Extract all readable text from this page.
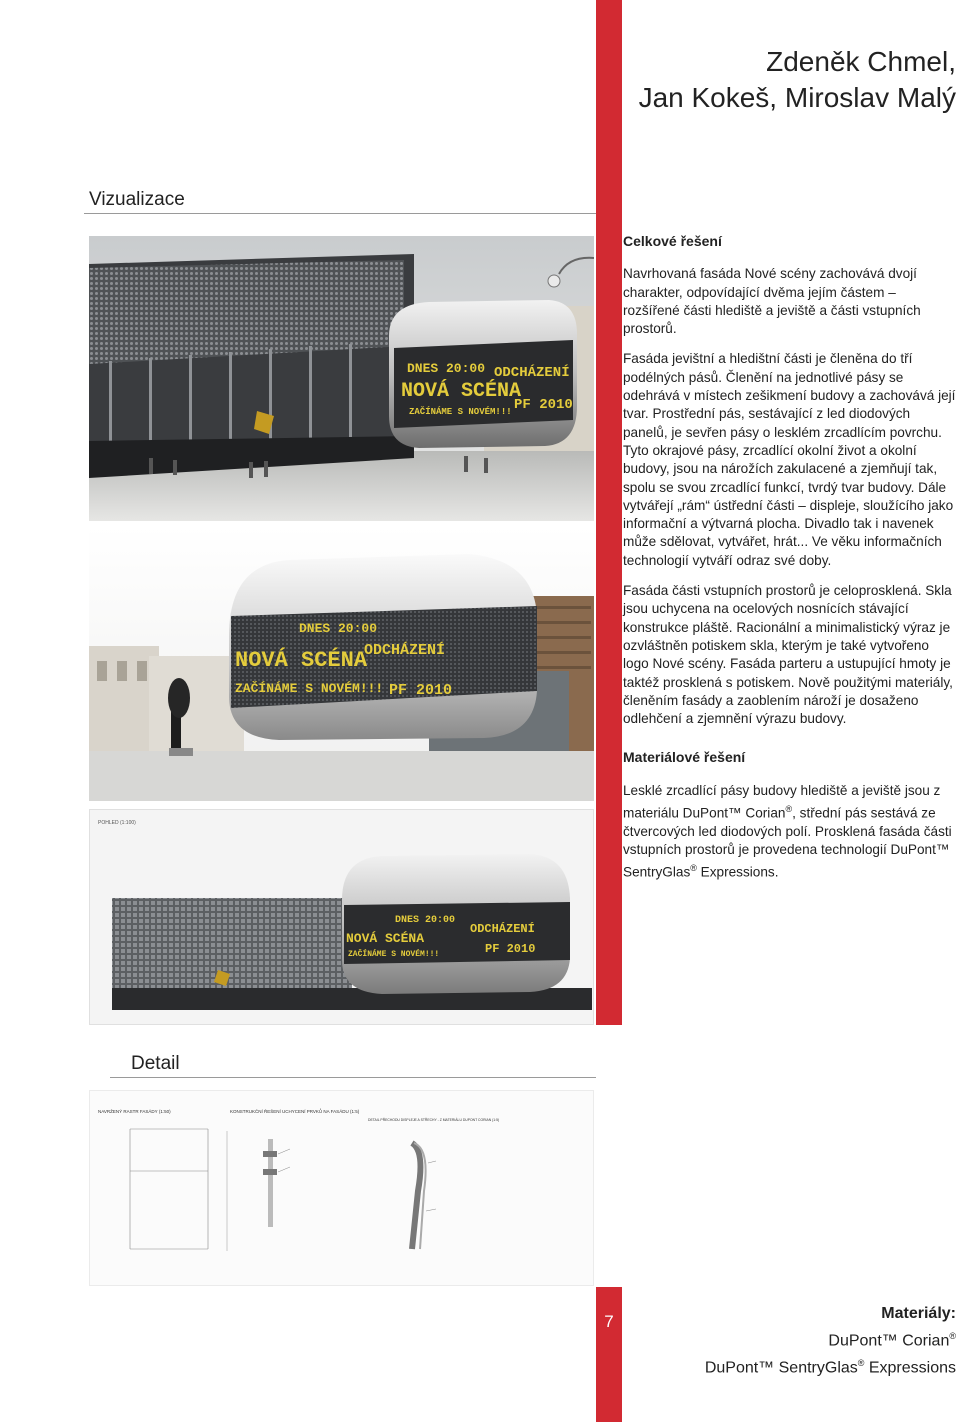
Zdeněk Chmel,
Jan Kokeš, Miroslav Malý
Vizualizace
DNES 20:00
NOVÁ SCÉNA
ODCHÁZENÍ
ZAČÍNÁME S NOVÉM!!! PF 2010
DNES 20:00
NOVÁ SCÉNA
ODCHÁZENÍ
ZAČÍNÁME S NOVÉM!!! PF 2010
POHLED (1:100)
DNES 20:00
NOVÁ SCÉNA
ODCHÁZENÍ
ZAČÍNÁME S NOVÉM!!!	PF 2010
Detail
NAVRŽENÝ RASTR FASÁDY (1:50)	KONSTRUKČNÍ ŘEŠENÍ UCHYCENÍ PRVKŮ NA FASÁDU (1:5)
DETAIL PŘECHODU DISPLEJE A STŘECHY - Z MATERIÁLU DUPONT CORIAN (1:5)
Celkové řešení

Navrhovaná fasáda Nové scény zachovává dvojí charakter, odpovídající dvěma jejím částem – rozšířené části hlediště a jeviště a části vstupních prostorů.

Fasáda jevištní a hledištní části je členěna do tří podélných pásů. Členění na jednotlivé pásy se odehrává v místech zešikmení budovy a zachovává její tvar. Prostřední pás, sestávající z led diodových panelů, je sevřen pásy o lesklém zrcadlícím povrchu. Tyto okrajové pásy, zrcadlící okolní život a okolní budovy, jsou na nárožích zakulacené a zjemňují tak, spolu se svou zrcadlící funkcí, tvrdý tvar budovy. Dále vytvářejí „rám“ ústřední části – displeje, sloužícího jako informační a výtvarná plocha. Divadlo tak i navenek může sdělovat, vytvářet, hrát... Ve věku informačních technologií vytváří odraz své doby.

Fasáda části vstupních prostorů je celoprosklená. Skla jsou uchycena na ocelových nosnících stávající konstrukce pláště. Racionální a minimalistický výraz je ozvláštněn potiskem skla, kterým je také vytvořeno logo Nové scény. Fasáda parteru a ustupující hmoty je taktéž prosklená s potiskem. Nově použitými materiály, členěním fasády a zaoblením nároží je dosaženo odlehčení a zjemnění výrazu budovy.

Materiálové řešení

Lesklé zrcadlící pásy budovy hlediště a jeviště jsou z materiálu DuPont™ Corian®, střední pás sestává ze čtvercových led diodových polí. Prosklená fasáda části vstupních prostorů je provedena technologií DuPont™ SentryGlas® Expressions.

7	Materiály:
DuPont™ Corian®
DuPont™ SentryGlas® Expressions
